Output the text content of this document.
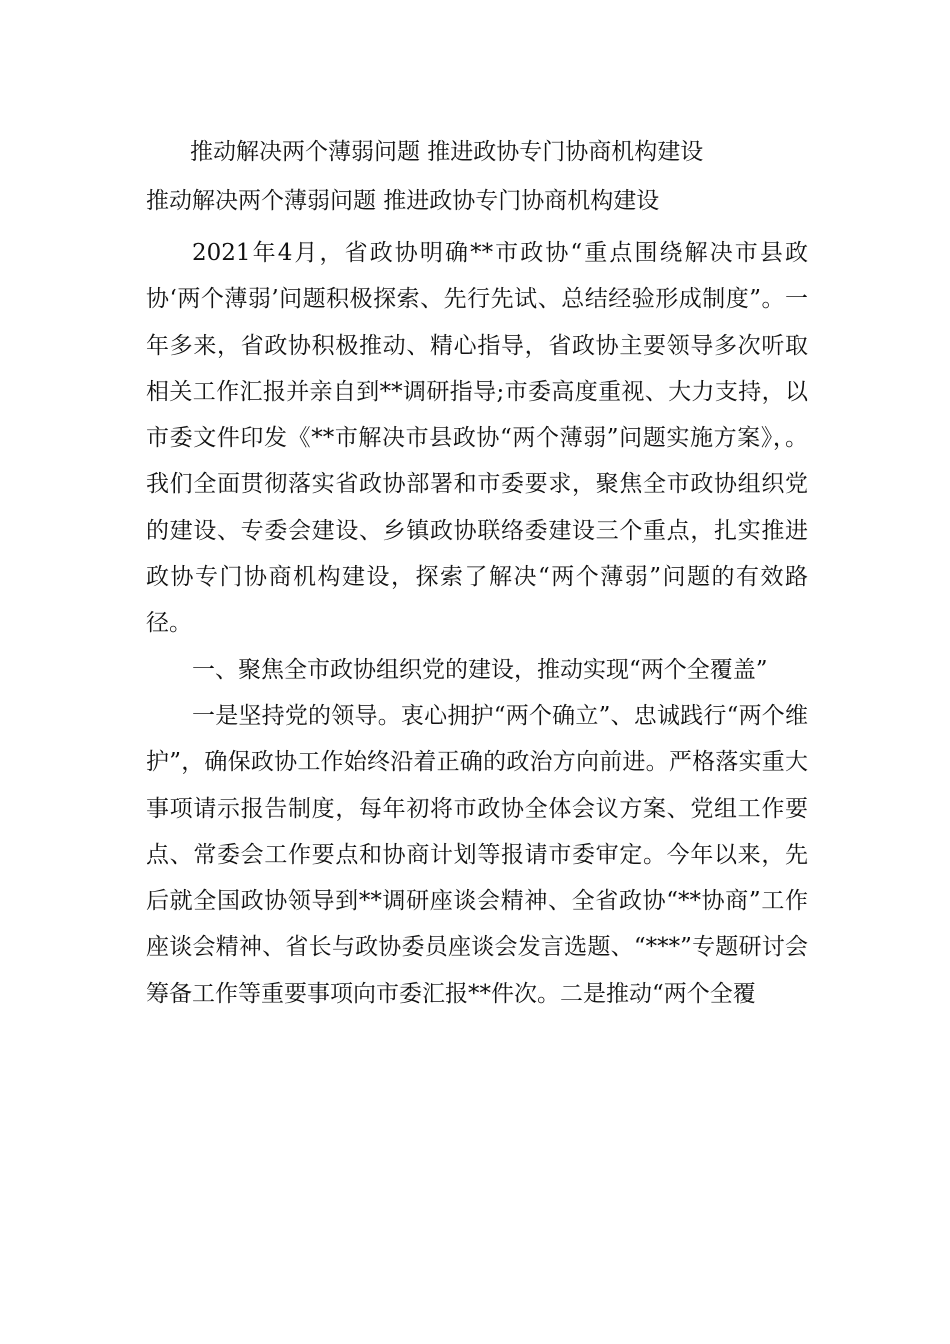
推动解决两个薄弱问题 推进政协专门协商机构建设
推动解决两个薄弱问题 推进政协专门协商机构建设

2021年4月，省政协明确**市政协“重点围绕解决市县政协‘两个薄弱’问题积极探索、先行先试、总结经验形成制度”。一年多来，省政协积极推动、精心指导，省政协主要领导多次听取相关工作汇报并亲自到**调研指导;市委高度重视、大力支持，以市委文件印发《**市解决市县政协“两个薄弱”问题实施方案》，。我们全面贯彻落实省政协部署和市委要求，聚焦全市政协组织党的建设、专委会建设、乡镇政协联络委建设三个重点，扎实推进政协专门协商机构建设，探索了解决“两个薄弱”问题的有效路径。

一、聚焦全市政协组织党的建设，推动实现“两个全覆盖”

一是坚持党的领导。衷心拥护“两个确立”、忠诚践行“两个维护”，确保政协工作始终沿着正确的政治方向前进。严格落实重大事项请示报告制度，每年初将市政协全体会议方案、党组工作要点、常委会工作要点和协商计划等报请市委审定。今年以来，先后就全国政协领导到**调研座谈会精神、全省政协“**协商”工作座谈会精神、省长与政协委员座谈会发言选题、“***”专题研讨会筹备工作等重要事项向市委汇报**件次。二是推动“两个全覆
